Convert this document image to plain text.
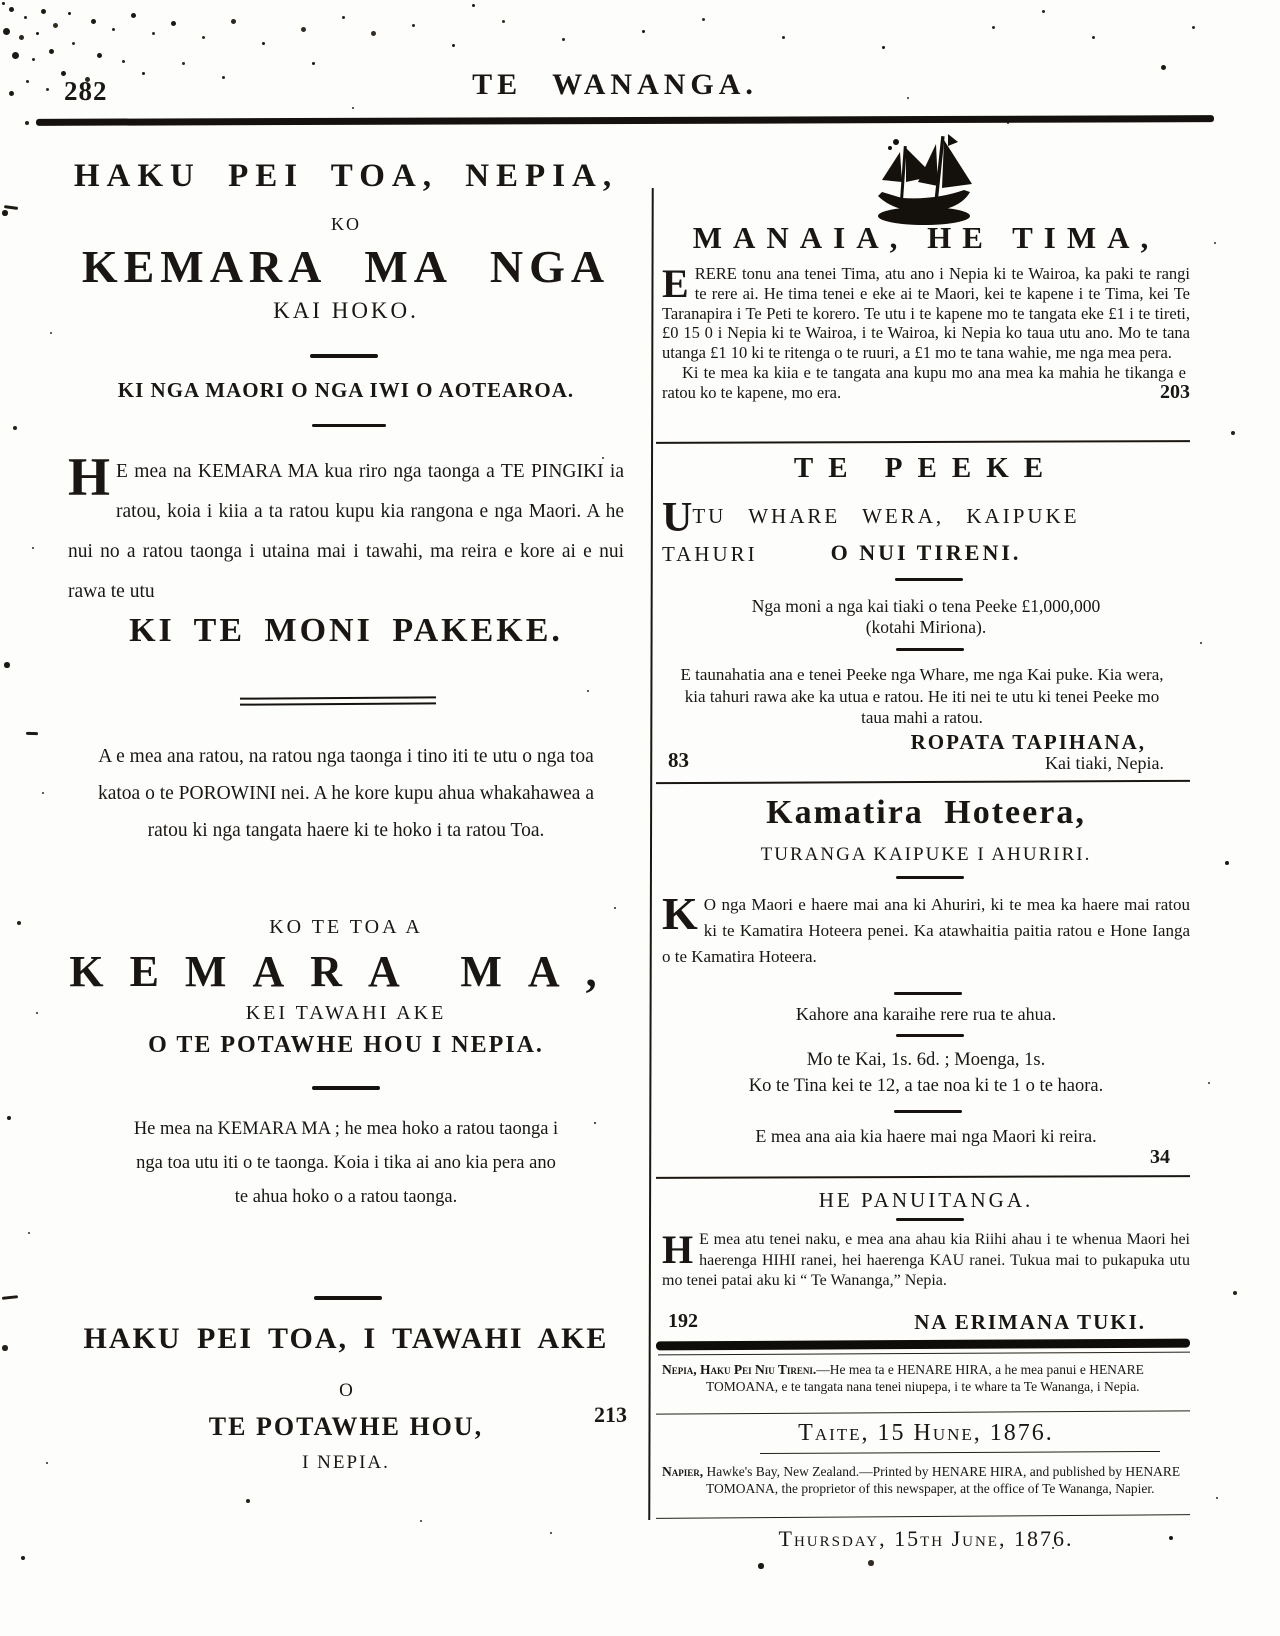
282	TE WANANGA.
HAKU PEI TOA, NEPIA,
KO
KEMARA MA NGA
KAI HOKO.
KI NGA MAORI O NGA IWI O AOTEAROA.

H E mea na KEMARA MA kua riro nga taonga a TE PINGIKI ia ratou, koia i kiia a ta ratou kupu kia rangona e nga Maori. A he nui no a ratou taonga i utaina mai i tawahi, ma reira e kore ai e nui rawa te utu

KI TE MONI PAKEKE.
A e mea ana ratou, na ratou nga taonga i tino iti te utu o nga toa katoa o te POROWINI nei. A he kore kupu ahua whakahawea a ratou ki nga tangata haere ki te hoko i ta ratou Toa.
KO TE TOA A
KEMARA MA,
KEI TAWAHI AKE
O TE POTAWHE HOU I NEPIA.
He mea na KEMARA MA ; he mea hoko a ratou taonga i nga toa utu iti o te taonga. Koia i tika ai ano kia pera ano te ahua hoko o a ratou taonga.
HAKU PEI TOA, I TAWAHI AKE
O
TE POTAWHE HOU,
I NEPIA.
213
MANAIA, HE TIMA,

ERERE tonu ana tenei Tima, atu ano i Nepia ki te Wairoa, ka paki te rangi te rere ai. He tima tenei e eke ai te Maori, kei te kapene i te Tima, kei Te Taranapira i Te Peti te korero. Te utu i te kapene mo te tangata eke £1 i te tireti, £0 15 0 i Nepia ki te Wairoa, i te Wairoa, ki Nepia ko taua utu ano. Mo te tana utanga £1 10 ki te ritenga o te ruuri, a £1 mo te tana wahie, me nga mea pera.

Ki te mea ka kiia e te tangata ana kupu mo ana mea ka mahia he tikanga e ratou ko te kapene, mo era.	203

TE PEEKE

UTU WHARE WERA, KAIPUKE TAHURI	O NUI TIRENI.

Nga moni a nga kai tiaki o tena Peeke £1,000,000

(kotahi Miriona).

E taunahatia ana e tenei Peeke nga Whare, me nga Kai puke. Kia wera, kia tahuri rawa ake ka utua e ratou. He iti nei te utu ki tenei Peeke mo taua mahi a ratou.
ROPATA TAPIHANA,
Kai tiaki, Nepia.
83
Kamatira Hoteera,
TURANGA KAIPUKE I AHURIRI.

K O nga Maori e haere mai ana ki Ahuriri, ki te mea ka haere mai ratou ki te Kamatira Hoteera penei. Ka atawhaitia paitia ratou e Hone Ianga o te Kamatira Hoteera.

Kahore ana karaihe rere rua te ahua.
Mo te Kai, 1s. 6d. ; Moenga, 1s.
Ko te Tina kei te 12, a tae noa ki te 1 o te haora.
E mea ana aia kia haere mai nga Maori ki reira.
34
HE PANUITANGA.

H E mea atu tenei naku, e mea ana ahau kia Riihi ahau i te whenua Maori hei haerenga HIHI ranei, hei haerenga KAU ranei. Tukua mai to pukapuka utu mo tenei patai aku ki “ Te Wananga,” Nepia.

192	NA ERIMANA TUKI.
Nepia, Haku Pei Niu Tireni.—He mea ta e HENARE HIRA, a he mea panui e HENARE TOMOANA, e te tangata nana tenei niupepa, i te whare ta Te Wananga, i Nepia.
Taite, 15 Hune, 1876.
Napier, Hawke's Bay, New Zealand.—Printed by HENARE HIRA, and published by HENARE TOMOANA, the proprietor of this newspaper, at the office of Te Wananga, Napier.
Thursday, 15th June, 1876.
